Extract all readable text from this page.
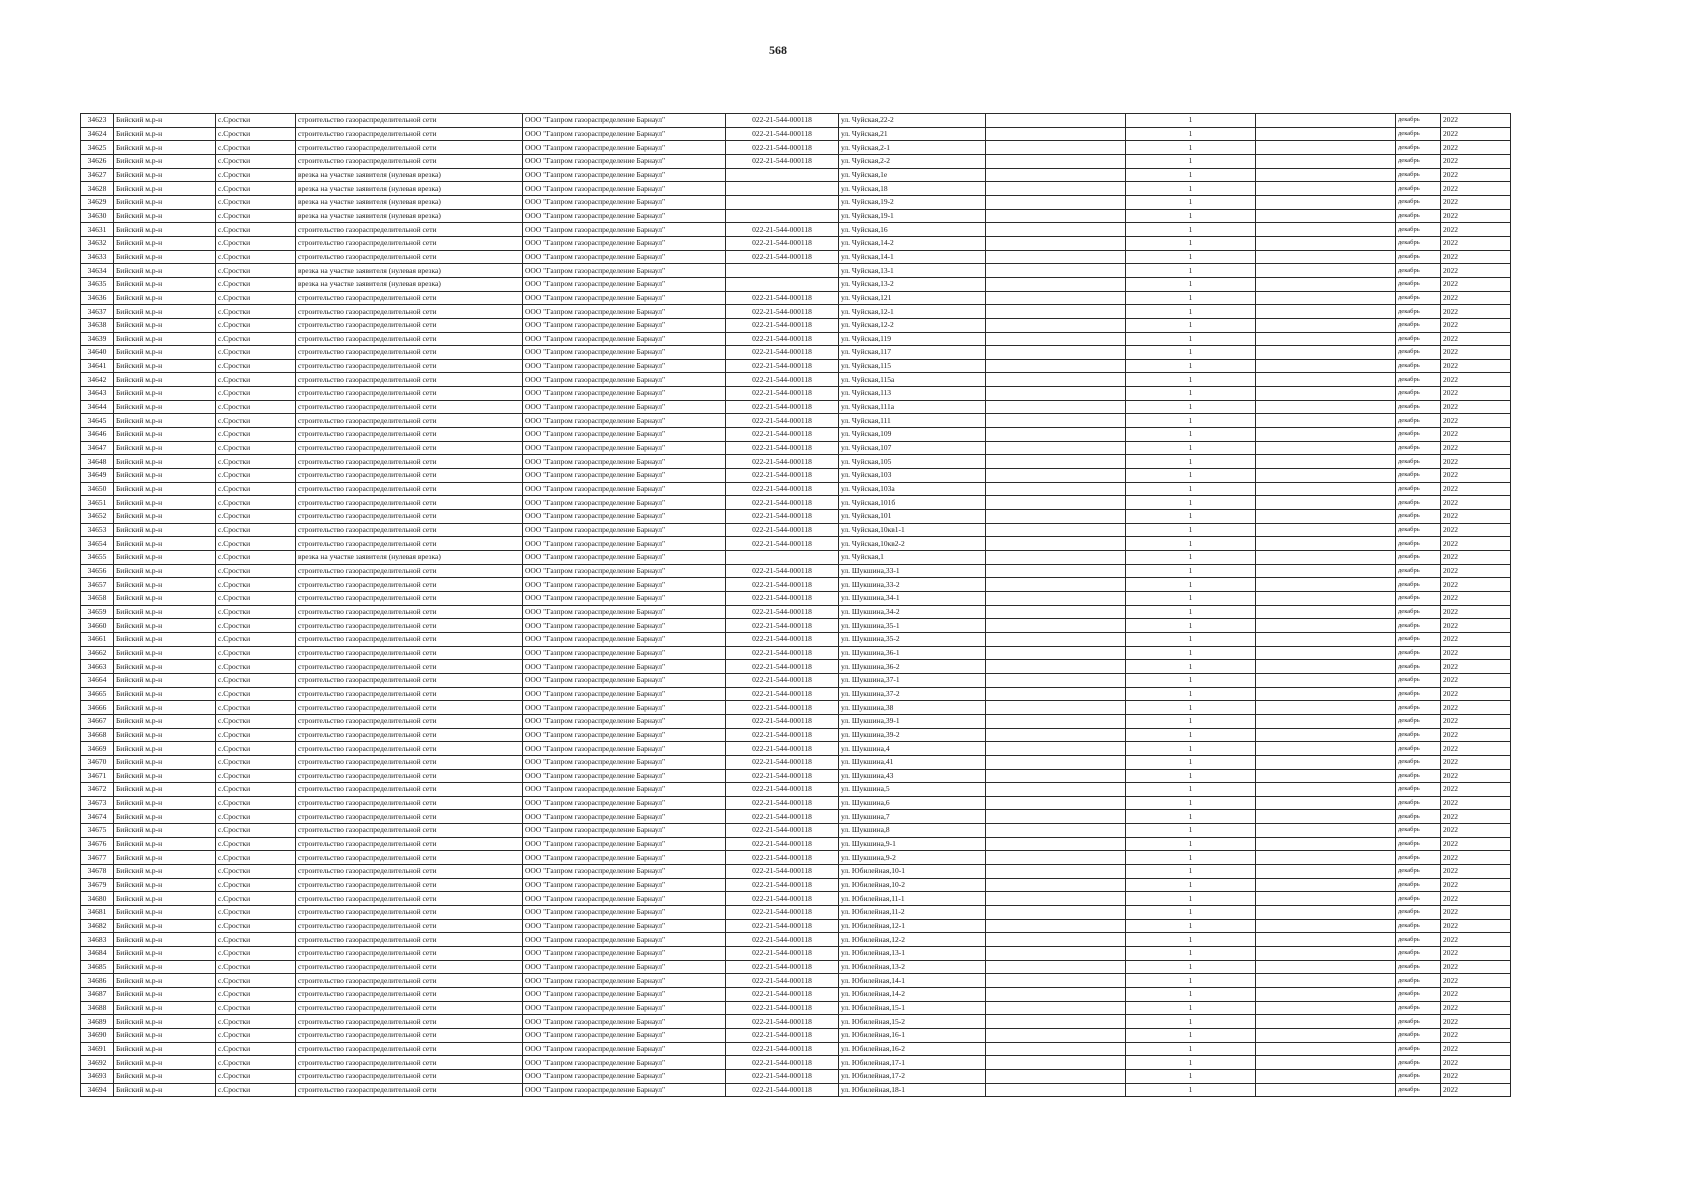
568
34623	Бийский м.р-н	с.Сростки	строительство газораспределительной сети	ООО "Газпром газораспределение Барнаул"	022-21-544-000118	ул. Чуйская,22-2		1		декабрь	2022
34624	Бийский м.р-н	с.Сростки	строительство газораспределительной сети	ООО "Газпром газораспределение Барнаул"	022-21-544-000118	ул. Чуйская,21		1		декабрь	2022
34625	Бийский м.р-н	с.Сростки	строительство газораспределительной сети	ООО "Газпром газораспределение Барнаул"	022-21-544-000118	ул. Чуйская,2-1		1		декабрь	2022
34626	Бийский м.р-н	с.Сростки	строительство газораспределительной сети	ООО "Газпром газораспределение Барнаул"	022-21-544-000118	ул. Чуйская,2-2		1		декабрь	2022
34627	Бийский м.р-н	с.Сростки	врезка на участке заявителя (нулевая врезка)	ООО "Газпром газораспределение Барнаул"		ул. Чуйская,1е		1		декабрь	2022
34628	Бийский м.р-н	с.Сростки	врезка на участке заявителя (нулевая врезка)	ООО "Газпром газораспределение Барнаул"		ул. Чуйская,18		1		декабрь	2022
34629	Бийский м.р-н	с.Сростки	врезка на участке заявителя (нулевая врезка)	ООО "Газпром газораспределение Барнаул"		ул. Чуйская,19-2		1		декабрь	2022
34630	Бийский м.р-н	с.Сростки	врезка на участке заявителя (нулевая врезка)	ООО "Газпром газораспределение Барнаул"		ул. Чуйская,19-1		1		декабрь	2022
34631	Бийский м.р-н	с.Сростки	строительство газораспределительной сети	ООО "Газпром газораспределение Барнаул"	022-21-544-000118	ул. Чуйская,16		1		декабрь	2022
34632	Бийский м.р-н	с.Сростки	строительство газораспределительной сети	ООО "Газпром газораспределение Барнаул"	022-21-544-000118	ул. Чуйская,14-2		1		декабрь	2022
34633	Бийский м.р-н	с.Сростки	строительство газораспределительной сети	ООО "Газпром газораспределение Барнаул"	022-21-544-000118	ул. Чуйская,14-1		1		декабрь	2022
34634	Бийский м.р-н	с.Сростки	врезка на участке заявителя (нулевая врезка)	ООО "Газпром газораспределение Барнаул"		ул. Чуйская,13-1		1		декабрь	2022
34635	Бийский м.р-н	с.Сростки	врезка на участке заявителя (нулевая врезка)	ООО "Газпром газораспределение Барнаул"		ул. Чуйская,13-2		1		декабрь	2022
34636	Бийский м.р-н	с.Сростки	строительство газораспределительной сети	ООО "Газпром газораспределение Барнаул"	022-21-544-000118	ул. Чуйская,121		1		декабрь	2022
34637	Бийский м.р-н	с.Сростки	строительство газораспределительной сети	ООО "Газпром газораспределение Барнаул"	022-21-544-000118	ул. Чуйская,12-1		1		декабрь	2022
34638	Бийский м.р-н	с.Сростки	строительство газораспределительной сети	ООО "Газпром газораспределение Барнаул"	022-21-544-000118	ул. Чуйская,12-2		1		декабрь	2022
34639	Бийский м.р-н	с.Сростки	строительство газораспределительной сети	ООО "Газпром газораспределение Барнаул"	022-21-544-000118	ул. Чуйская,119		1		декабрь	2022
34640	Бийский м.р-н	с.Сростки	строительство газораспределительной сети	ООО "Газпром газораспределение Барнаул"	022-21-544-000118	ул. Чуйская,117		1		декабрь	2022
34641	Бийский м.р-н	с.Сростки	строительство газораспределительной сети	ООО "Газпром газораспределение Барнаул"	022-21-544-000118	ул. Чуйская,115		1		декабрь	2022
34642	Бийский м.р-н	с.Сростки	строительство газораспределительной сети	ООО "Газпром газораспределение Барнаул"	022-21-544-000118	ул. Чуйская,115а		1		декабрь	2022
34643	Бийский м.р-н	с.Сростки	строительство газораспределительной сети	ООО "Газпром газораспределение Барнаул"	022-21-544-000118	ул. Чуйская,113		1		декабрь	2022
34644	Бийский м.р-н	с.Сростки	строительство газораспределительной сети	ООО "Газпром газораспределение Барнаул"	022-21-544-000118	ул. Чуйская,111а		1		декабрь	2022
34645	Бийский м.р-н	с.Сростки	строительство газораспределительной сети	ООО "Газпром газораспределение Барнаул"	022-21-544-000118	ул. Чуйская,111		1		декабрь	2022
34646	Бийский м.р-н	с.Сростки	строительство газораспределительной сети	ООО "Газпром газораспределение Барнаул"	022-21-544-000118	ул. Чуйская,109		1		декабрь	2022
34647	Бийский м.р-н	с.Сростки	строительство газораспределительной сети	ООО "Газпром газораспределение Барнаул"	022-21-544-000118	ул. Чуйская,107		1		декабрь	2022
34648	Бийский м.р-н	с.Сростки	строительство газораспределительной сети	ООО "Газпром газораспределение Барнаул"	022-21-544-000118	ул. Чуйская,105		1		декабрь	2022
34649	Бийский м.р-н	с.Сростки	строительство газораспределительной сети	ООО "Газпром газораспределение Барнаул"	022-21-544-000118	ул. Чуйская,103		1		декабрь	2022
34650	Бийский м.р-н	с.Сростки	строительство газораспределительной сети	ООО "Газпром газораспределение Барнаул"	022-21-544-000118	ул. Чуйская,103а		1		декабрь	2022
34651	Бийский м.р-н	с.Сростки	строительство газораспределительной сети	ООО "Газпром газораспределение Барнаул"	022-21-544-000118	ул. Чуйская,101б		1		декабрь	2022
34652	Бийский м.р-н	с.Сростки	строительство газораспределительной сети	ООО "Газпром газораспределение Барнаул"	022-21-544-000118	ул. Чуйская,101		1		декабрь	2022
34653	Бийский м.р-н	с.Сростки	строительство газораспределительной сети	ООО "Газпром газораспределение Барнаул"	022-21-544-000118	ул. Чуйская,10кв1-1		1		декабрь	2022
34654	Бийский м.р-н	с.Сростки	строительство газораспределительной сети	ООО "Газпром газораспределение Барнаул"	022-21-544-000118	ул. Чуйская,10кв2-2		1		декабрь	2022
34655	Бийский м.р-н	с.Сростки	врезка на участке заявителя (нулевая врезка)	ООО "Газпром газораспределение Барнаул"		ул. Чуйская,1		1		декабрь	2022
34656	Бийский м.р-н	с.Сростки	строительство газораспределительной сети	ООО "Газпром газораспределение Барнаул"	022-21-544-000118	ул. Шукшина,33-1		1		декабрь	2022
34657	Бийский м.р-н	с.Сростки	строительство газораспределительной сети	ООО "Газпром газораспределение Барнаул"	022-21-544-000118	ул. Шукшина,33-2		1		декабрь	2022
34658	Бийский м.р-н	с.Сростки	строительство газораспределительной сети	ООО "Газпром газораспределение Барнаул"	022-21-544-000118	ул. Шукшина,34-1		1		декабрь	2022
34659	Бийский м.р-н	с.Сростки	строительство газораспределительной сети	ООО "Газпром газораспределение Барнаул"	022-21-544-000118	ул. Шукшина,34-2		1		декабрь	2022
34660	Бийский м.р-н	с.Сростки	строительство газораспределительной сети	ООО "Газпром газораспределение Барнаул"	022-21-544-000118	ул. Шукшина,35-1		1		декабрь	2022
34661	Бийский м.р-н	с.Сростки	строительство газораспределительной сети	ООО "Газпром газораспределение Барнаул"	022-21-544-000118	ул. Шукшина,35-2		1		декабрь	2022
34662	Бийский м.р-н	с.Сростки	строительство газораспределительной сети	ООО "Газпром газораспределение Барнаул"	022-21-544-000118	ул. Шукшина,36-1		1		декабрь	2022
34663	Бийский м.р-н	с.Сростки	строительство газораспределительной сети	ООО "Газпром газораспределение Барнаул"	022-21-544-000118	ул. Шукшина,36-2		1		декабрь	2022
34664	Бийский м.р-н	с.Сростки	строительство газораспределительной сети	ООО "Газпром газораспределение Барнаул"	022-21-544-000118	ул. Шукшина,37-1		1		декабрь	2022
34665	Бийский м.р-н	с.Сростки	строительство газораспределительной сети	ООО "Газпром газораспределение Барнаул"	022-21-544-000118	ул. Шукшина,37-2		1		декабрь	2022
34666	Бийский м.р-н	с.Сростки	строительство газораспределительной сети	ООО "Газпром газораспределение Барнаул"	022-21-544-000118	ул. Шукшина,38		1		декабрь	2022
34667	Бийский м.р-н	с.Сростки	строительство газораспределительной сети	ООО "Газпром газораспределение Барнаул"	022-21-544-000118	ул. Шукшина,39-1		1		декабрь	2022
34668	Бийский м.р-н	с.Сростки	строительство газораспределительной сети	ООО "Газпром газораспределение Барнаул"	022-21-544-000118	ул. Шукшина,39-2		1		декабрь	2022
34669	Бийский м.р-н	с.Сростки	строительство газораспределительной сети	ООО "Газпром газораспределение Барнаул"	022-21-544-000118	ул. Шукшина,4		1		декабрь	2022
34670	Бийский м.р-н	с.Сростки	строительство газораспределительной сети	ООО "Газпром газораспределение Барнаул"	022-21-544-000118	ул. Шукшина,41		1		декабрь	2022
34671	Бийский м.р-н	с.Сростки	строительство газораспределительной сети	ООО "Газпром газораспределение Барнаул"	022-21-544-000118	ул. Шукшина,43		1		декабрь	2022
34672	Бийский м.р-н	с.Сростки	строительство газораспределительной сети	ООО "Газпром газораспределение Барнаул"	022-21-544-000118	ул. Шукшина,5		1		декабрь	2022
34673	Бийский м.р-н	с.Сростки	строительство газораспределительной сети	ООО "Газпром газораспределение Барнаул"	022-21-544-000118	ул. Шукшина,6		1		декабрь	2022
34674	Бийский м.р-н	с.Сростки	строительство газораспределительной сети	ООО "Газпром газораспределение Барнаул"	022-21-544-000118	ул. Шукшина,7		1		декабрь	2022
34675	Бийский м.р-н	с.Сростки	строительство газораспределительной сети	ООО "Газпром газораспределение Барнаул"	022-21-544-000118	ул. Шукшина,8		1		декабрь	2022
34676	Бийский м.р-н	с.Сростки	строительство газораспределительной сети	ООО "Газпром газораспределение Барнаул"	022-21-544-000118	ул. Шукшина,9-1		1		декабрь	2022
34677	Бийский м.р-н	с.Сростки	строительство газораспределительной сети	ООО "Газпром газораспределение Барнаул"	022-21-544-000118	ул. Шукшина,9-2		1		декабрь	2022
34678	Бийский м.р-н	с.Сростки	строительство газораспределительной сети	ООО "Газпром газораспределение Барнаул"	022-21-544-000118	ул. Юбилейная,10-1		1		декабрь	2022
34679	Бийский м.р-н	с.Сростки	строительство газораспределительной сети	ООО "Газпром газораспределение Барнаул"	022-21-544-000118	ул. Юбилейная,10-2		1		декабрь	2022
34680	Бийский м.р-н	с.Сростки	строительство газораспределительной сети	ООО "Газпром газораспределение Барнаул"	022-21-544-000118	ул. Юбилейная,11-1		1		декабрь	2022
34681	Бийский м.р-н	с.Сростки	строительство газораспределительной сети	ООО "Газпром газораспределение Барнаул"	022-21-544-000118	ул. Юбилейная,11-2		1		декабрь	2022
34682	Бийский м.р-н	с.Сростки	строительство газораспределительной сети	ООО "Газпром газораспределение Барнаул"	022-21-544-000118	ул. Юбилейная,12-1		1		декабрь	2022
34683	Бийский м.р-н	с.Сростки	строительство газораспределительной сети	ООО "Газпром газораспределение Барнаул"	022-21-544-000118	ул. Юбилейная,12-2		1		декабрь	2022
34684	Бийский м.р-н	с.Сростки	строительство газораспределительной сети	ООО "Газпром газораспределение Барнаул"	022-21-544-000118	ул. Юбилейная,13-1		1		декабрь	2022
34685	Бийский м.р-н	с.Сростки	строительство газораспределительной сети	ООО "Газпром газораспределение Барнаул"	022-21-544-000118	ул. Юбилейная,13-2		1		декабрь	2022
34686	Бийский м.р-н	с.Сростки	строительство газораспределительной сети	ООО "Газпром газораспределение Барнаул"	022-21-544-000118	ул. Юбилейная,14-1		1		декабрь	2022
34687	Бийский м.р-н	с.Сростки	строительство газораспределительной сети	ООО "Газпром газораспределение Барнаул"	022-21-544-000118	ул. Юбилейная,14-2		1		декабрь	2022
34688	Бийский м.р-н	с.Сростки	строительство газораспределительной сети	ООО "Газпром газораспределение Барнаул"	022-21-544-000118	ул. Юбилейная,15-1		1		декабрь	2022
34689	Бийский м.р-н	с.Сростки	строительство газораспределительной сети	ООО "Газпром газораспределение Барнаул"	022-21-544-000118	ул. Юбилейная,15-2		1		декабрь	2022
34690	Бийский м.р-н	с.Сростки	строительство газораспределительной сети	ООО "Газпром газораспределение Барнаул"	022-21-544-000118	ул. Юбилейная,16-1		1		декабрь	2022
34691	Бийский м.р-н	с.Сростки	строительство газораспределительной сети	ООО "Газпром газораспределение Барнаул"	022-21-544-000118	ул. Юбилейная,16-2		1		декабрь	2022
34692	Бийский м.р-н	с.Сростки	строительство газораспределительной сети	ООО "Газпром газораспределение Барнаул"	022-21-544-000118	ул. Юбилейная,17-1		1		декабрь	2022
34693	Бийский м.р-н	с.Сростки	строительство газораспределительной сети	ООО "Газпром газораспределение Барнаул"	022-21-544-000118	ул. Юбилейная,17-2		1		декабрь	2022
34694	Бийский м.р-н	с.Сростки	строительство газораспределительной сети	ООО "Газпром газораспределение Барнаул"	022-21-544-000118	ул. Юбилейная,18-1		1		декабрь	2022
